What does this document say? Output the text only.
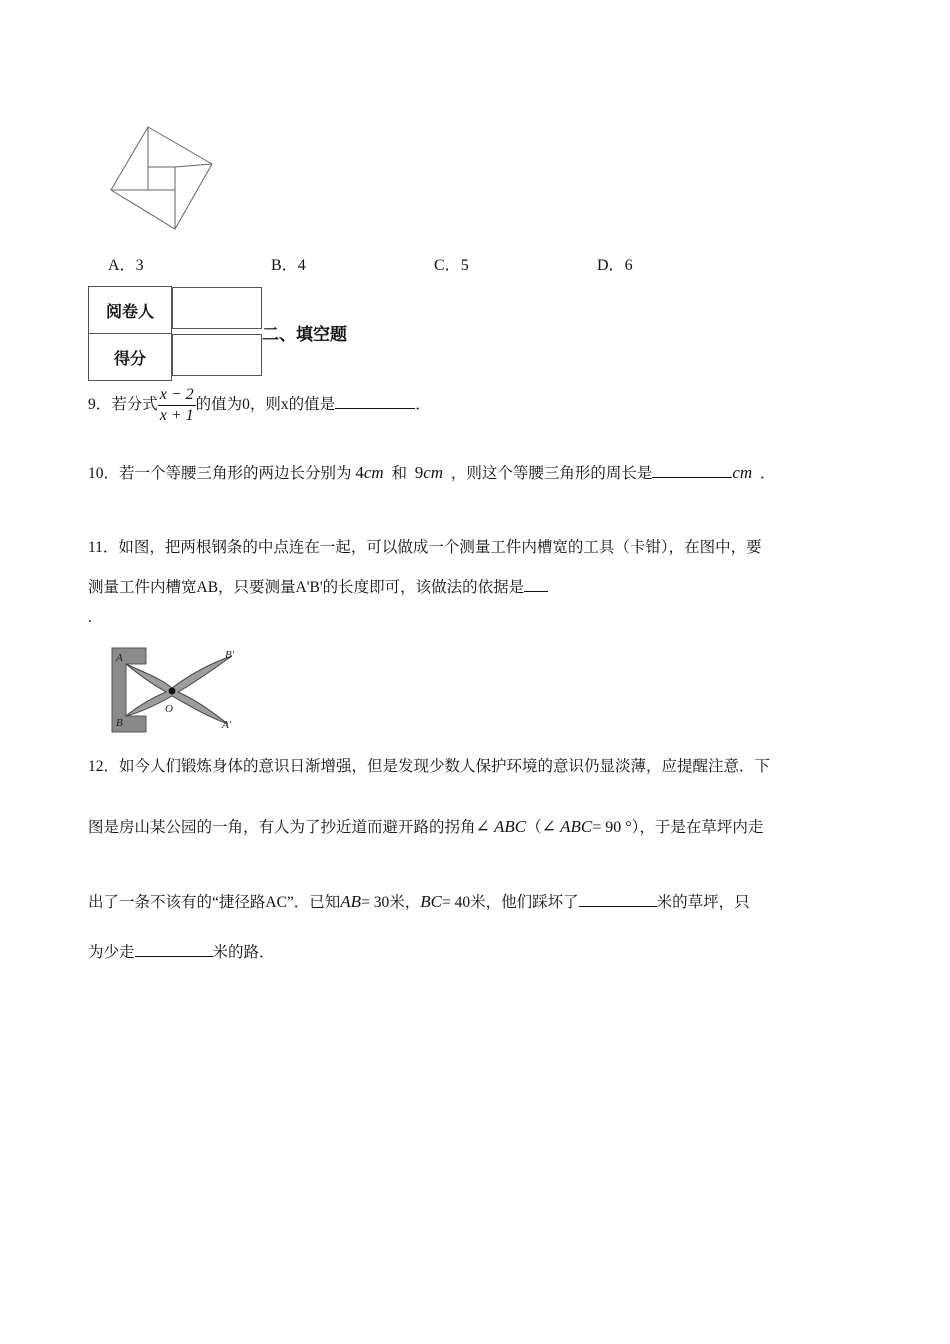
A．3	B．4	C．5	D．6
阅卷人	
得分	
二、填空题
9．若分式 $\frac{x - 2}{x + 1}$ 的值为0，则x的值是	．
10．若一个等腰三角形的两边长分别为 4cm 和 9cm ，则这个等腰三角形的周长是	cm ．
11．如图，把两根钢条的中点连在一起，可以做成一个测量工件内槽宽的工具（卡钳），在图中，要
测量工件内槽宽AB，只要测量A'B'的长度即可，该做法的依据是
.
A
B
B′
A′
O
12．如今人们锻炼身体的意识日渐增强，但是发现少数人保护环境的意识仍显淡薄，应提醒注意．下
图是房山某公园的一角，有人为了抄近道而避开路的拐角∠ ABC（∠ ABC= 90 °），于是在草坪内走
出了一条不该有的“捷径路AC”．已知AB= 30米，BC= 40米，他们踩坏了	米的草坪，只
为少走	米的路．
